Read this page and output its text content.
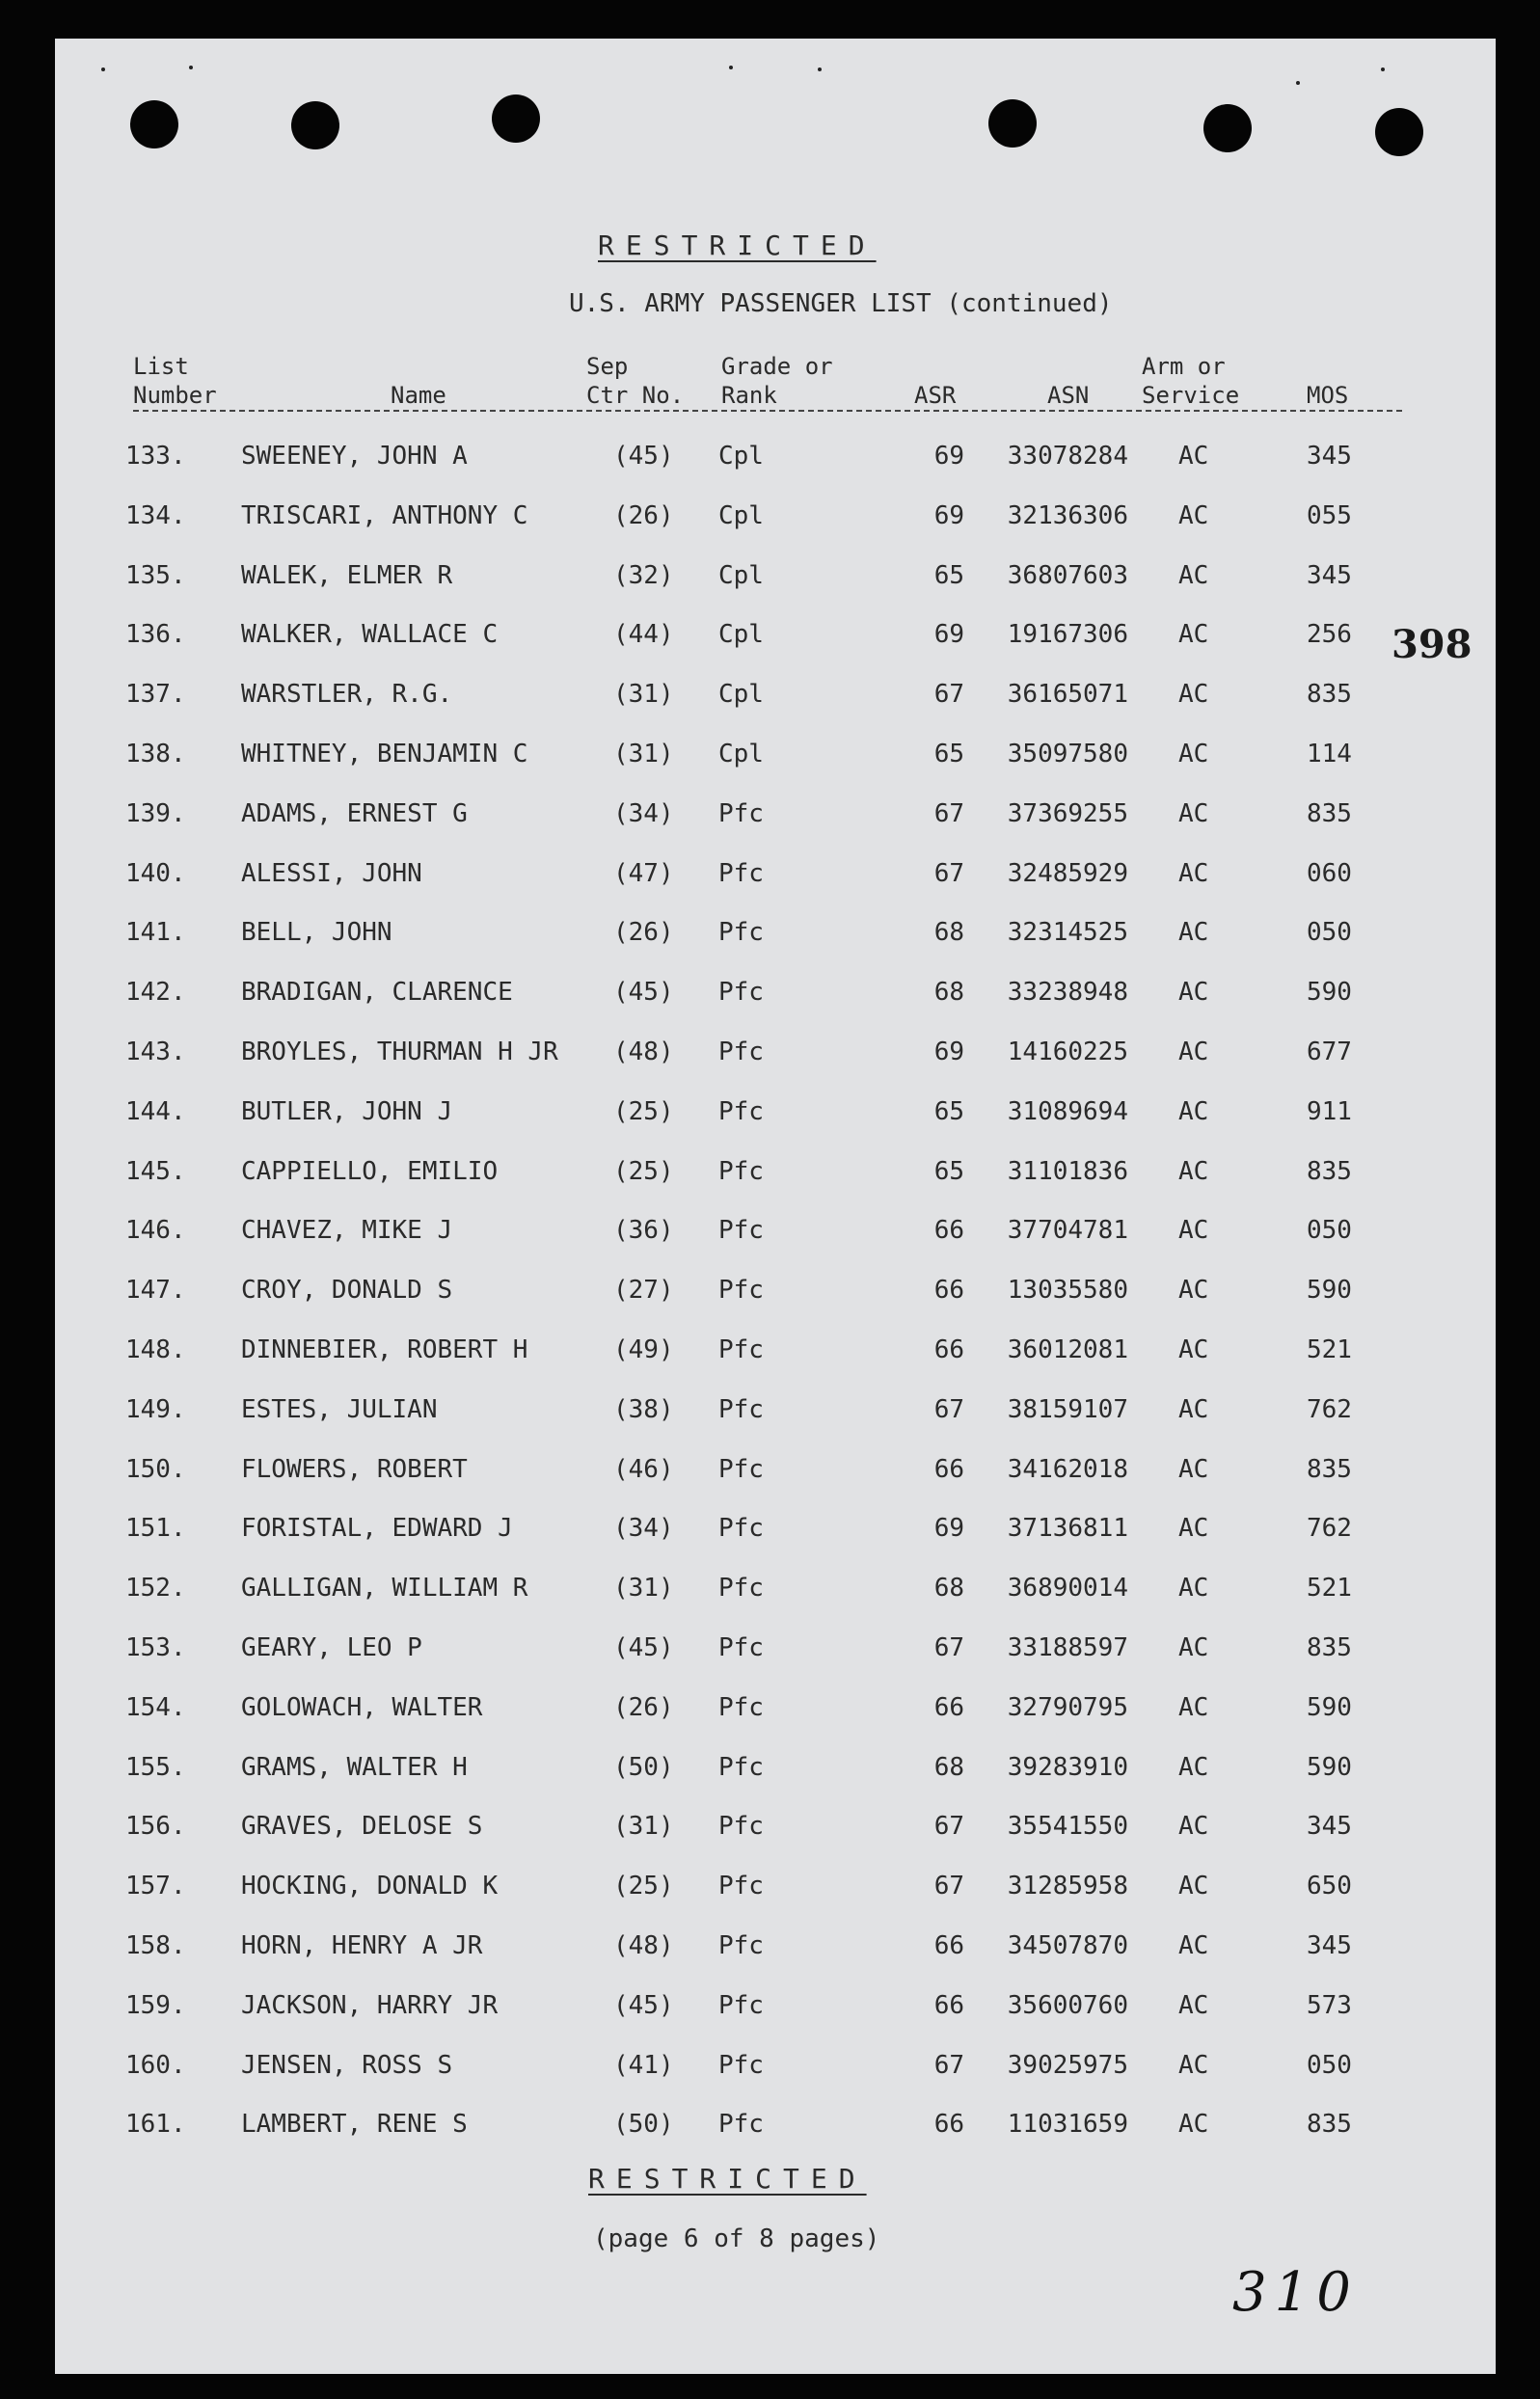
RESTRICTED
U.S. ARMY PASSENGER LIST (continued)
List
Number	Name
Sep
Ctr No.
Grade or
Rank	ASR	ASN
Arm or
Service	MOS
133. SWEENEY, JOHN A	(45) Cpl	69 33078284 AC	345
134. TRISCARI, ANTHONY C	(26) Cpl	69 32136306 AC	055
135. WALEK, ELMER R	(32) Cpl	65 36807603 AC	345
136. WALKER, WALLACE C	(44) Cpl	69 19167306 AC	256
137. WARSTLER, R.G.	(31) Cpl	67 36165071 AC	835
138. WHITNEY, BENJAMIN C	(31) Cpl	65 35097580 AC	114
139. ADAMS, ERNEST G	(34) Pfc	67 37369255 AC	835
140. ALESSI, JOHN	(47) Pfc	67 32485929 AC	060
141. BELL, JOHN	(26) Pfc	68 32314525 AC	050
142. BRADIGAN, CLARENCE	(45) Pfc	68 33238948 AC	590
143. BROYLES, THURMAN H JR (48) Pfc	69 14160225 AC	677
144. BUTLER, JOHN J	(25) Pfc	65 31089694 AC	911
145. CAPPIELLO, EMILIO	(25) Pfc	65 31101836 AC	835
146. CHAVEZ, MIKE J	(36) Pfc	66 37704781 AC	050
147. CROY, DONALD S	(27) Pfc	66 13035580 AC	590
148. DINNEBIER, ROBERT H	(49) Pfc	66 36012081 AC	521
149. ESTES, JULIAN	(38) Pfc	67 38159107 AC	762
150. FLOWERS, ROBERT	(46) Pfc	66 34162018 AC	835
151. FORISTAL, EDWARD J	(34) Pfc	69 37136811 AC	762
152. GALLIGAN, WILLIAM R	(31) Pfc	68 36890014 AC	521
153. GEARY, LEO P	(45) Pfc	67 33188597 AC	835
154. GOLOWACH, WALTER	(26) Pfc	66 32790795 AC	590
155. GRAMS, WALTER H	(50) Pfc	68 39283910 AC	590
156. GRAVES, DELOSE S	(31) Pfc	67 35541550 AC	345
157. HOCKING, DONALD K	(25) Pfc	67 31285958 AC	650
158. HORN, HENRY A JR	(48) Pfc	66 34507870 AC	345
159. JACKSON, HARRY JR	(45) Pfc	66 35600760 AC	573
160. JENSEN, ROSS S	(41) Pfc	67 39025975 AC	050
161. LAMBERT, RENE S	(50) Pfc	66 11031659 AC	835
398
RESTRICTED
(page 6 of 8 pages)
310
